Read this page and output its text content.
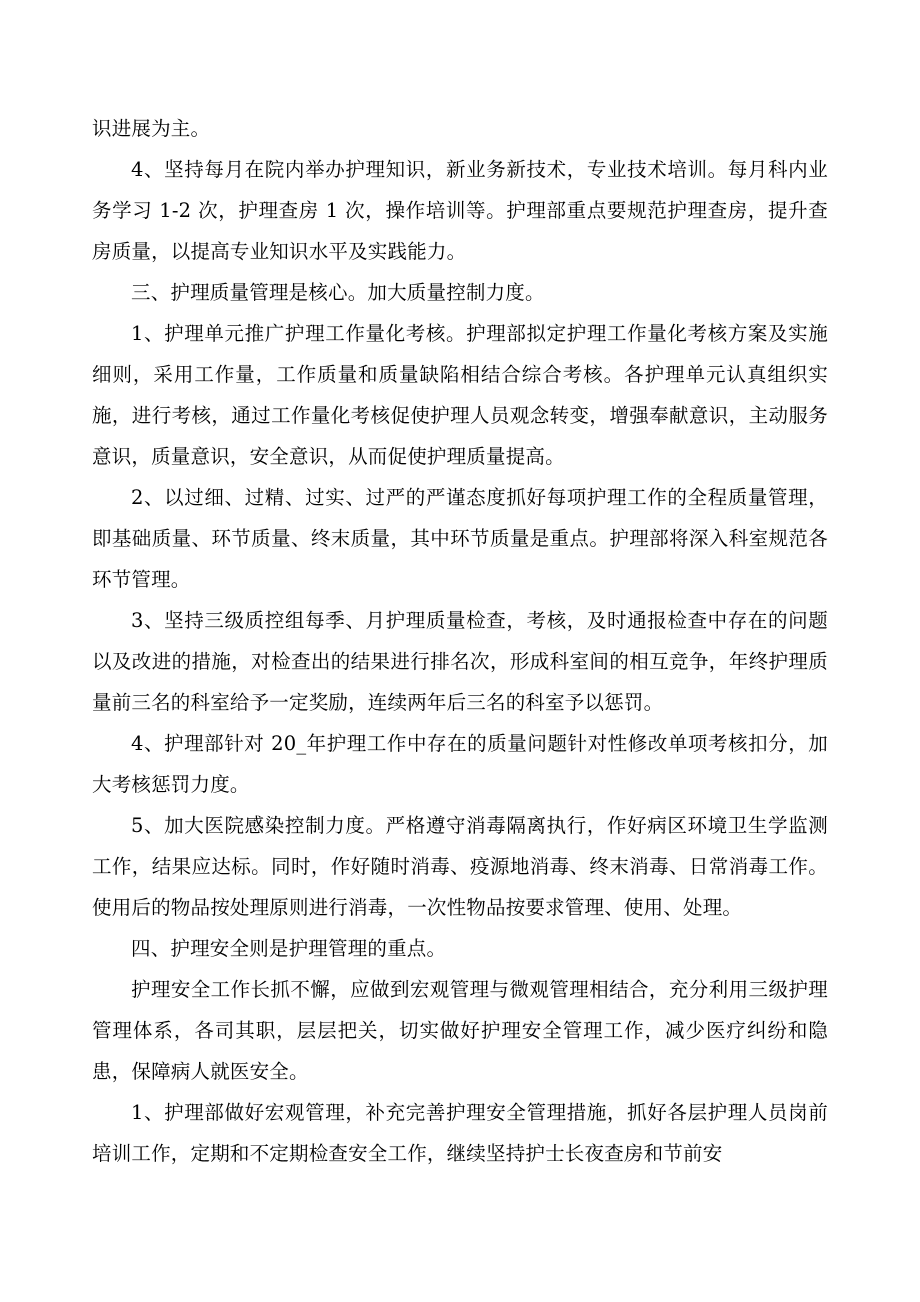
识进展为主。

4、坚持每月在院内举办护理知识，新业务新技术，专业技术培训。每月科内业务学习 1-2 次，护理查房 1 次，操作培训等。护理部重点要规范护理查房，提升查房质量，以提高专业知识水平及实践能力。

三、护理质量管理是核心。加大质量控制力度。

1、护理单元推广护理工作量化考核。护理部拟定护理工作量化考核方案及实施细则，采用工作量，工作质量和质量缺陷相结合综合考核。各护理单元认真组织实施，进行考核，通过工作量化考核促使护理人员观念转变，增强奉献意识，主动服务意识，质量意识，安全意识，从而促使护理质量提高。

2、以过细、过精、过实、过严的严谨态度抓好每项护理工作的全程质量管理，即基础质量、环节质量、终末质量，其中环节质量是重点。护理部将深入科室规范各环节管理。

3、坚持三级质控组每季、月护理质量检查，考核，及时通报检查中存在的问题以及改进的措施，对检查出的结果进行排名次，形成科室间的相互竞争，年终护理质量前三名的科室给予一定奖励，连续两年后三名的科室予以惩罚。

4、护理部针对 20_年护理工作中存在的质量问题针对性修改单项考核扣分，加大考核惩罚力度。

5、加大医院感染控制力度。严格遵守消毒隔离执行，作好病区环境卫生学监测工作，结果应达标。同时，作好随时消毒、疫源地消毒、终末消毒、日常消毒工作。使用后的物品按处理原则进行消毒，一次性物品按要求管理、使用、处理。

四、护理安全则是护理管理的重点。

护理安全工作长抓不懈，应做到宏观管理与微观管理相结合，充分利用三级护理管理体系，各司其职，层层把关，切实做好护理安全管理工作，减少医疗纠纷和隐患，保障病人就医安全。

1、护理部做好宏观管理，补充完善护理安全管理措施，抓好各层护理人员岗前培训工作，定期和不定期检查安全工作，继续坚持护士长夜查房和节前安
